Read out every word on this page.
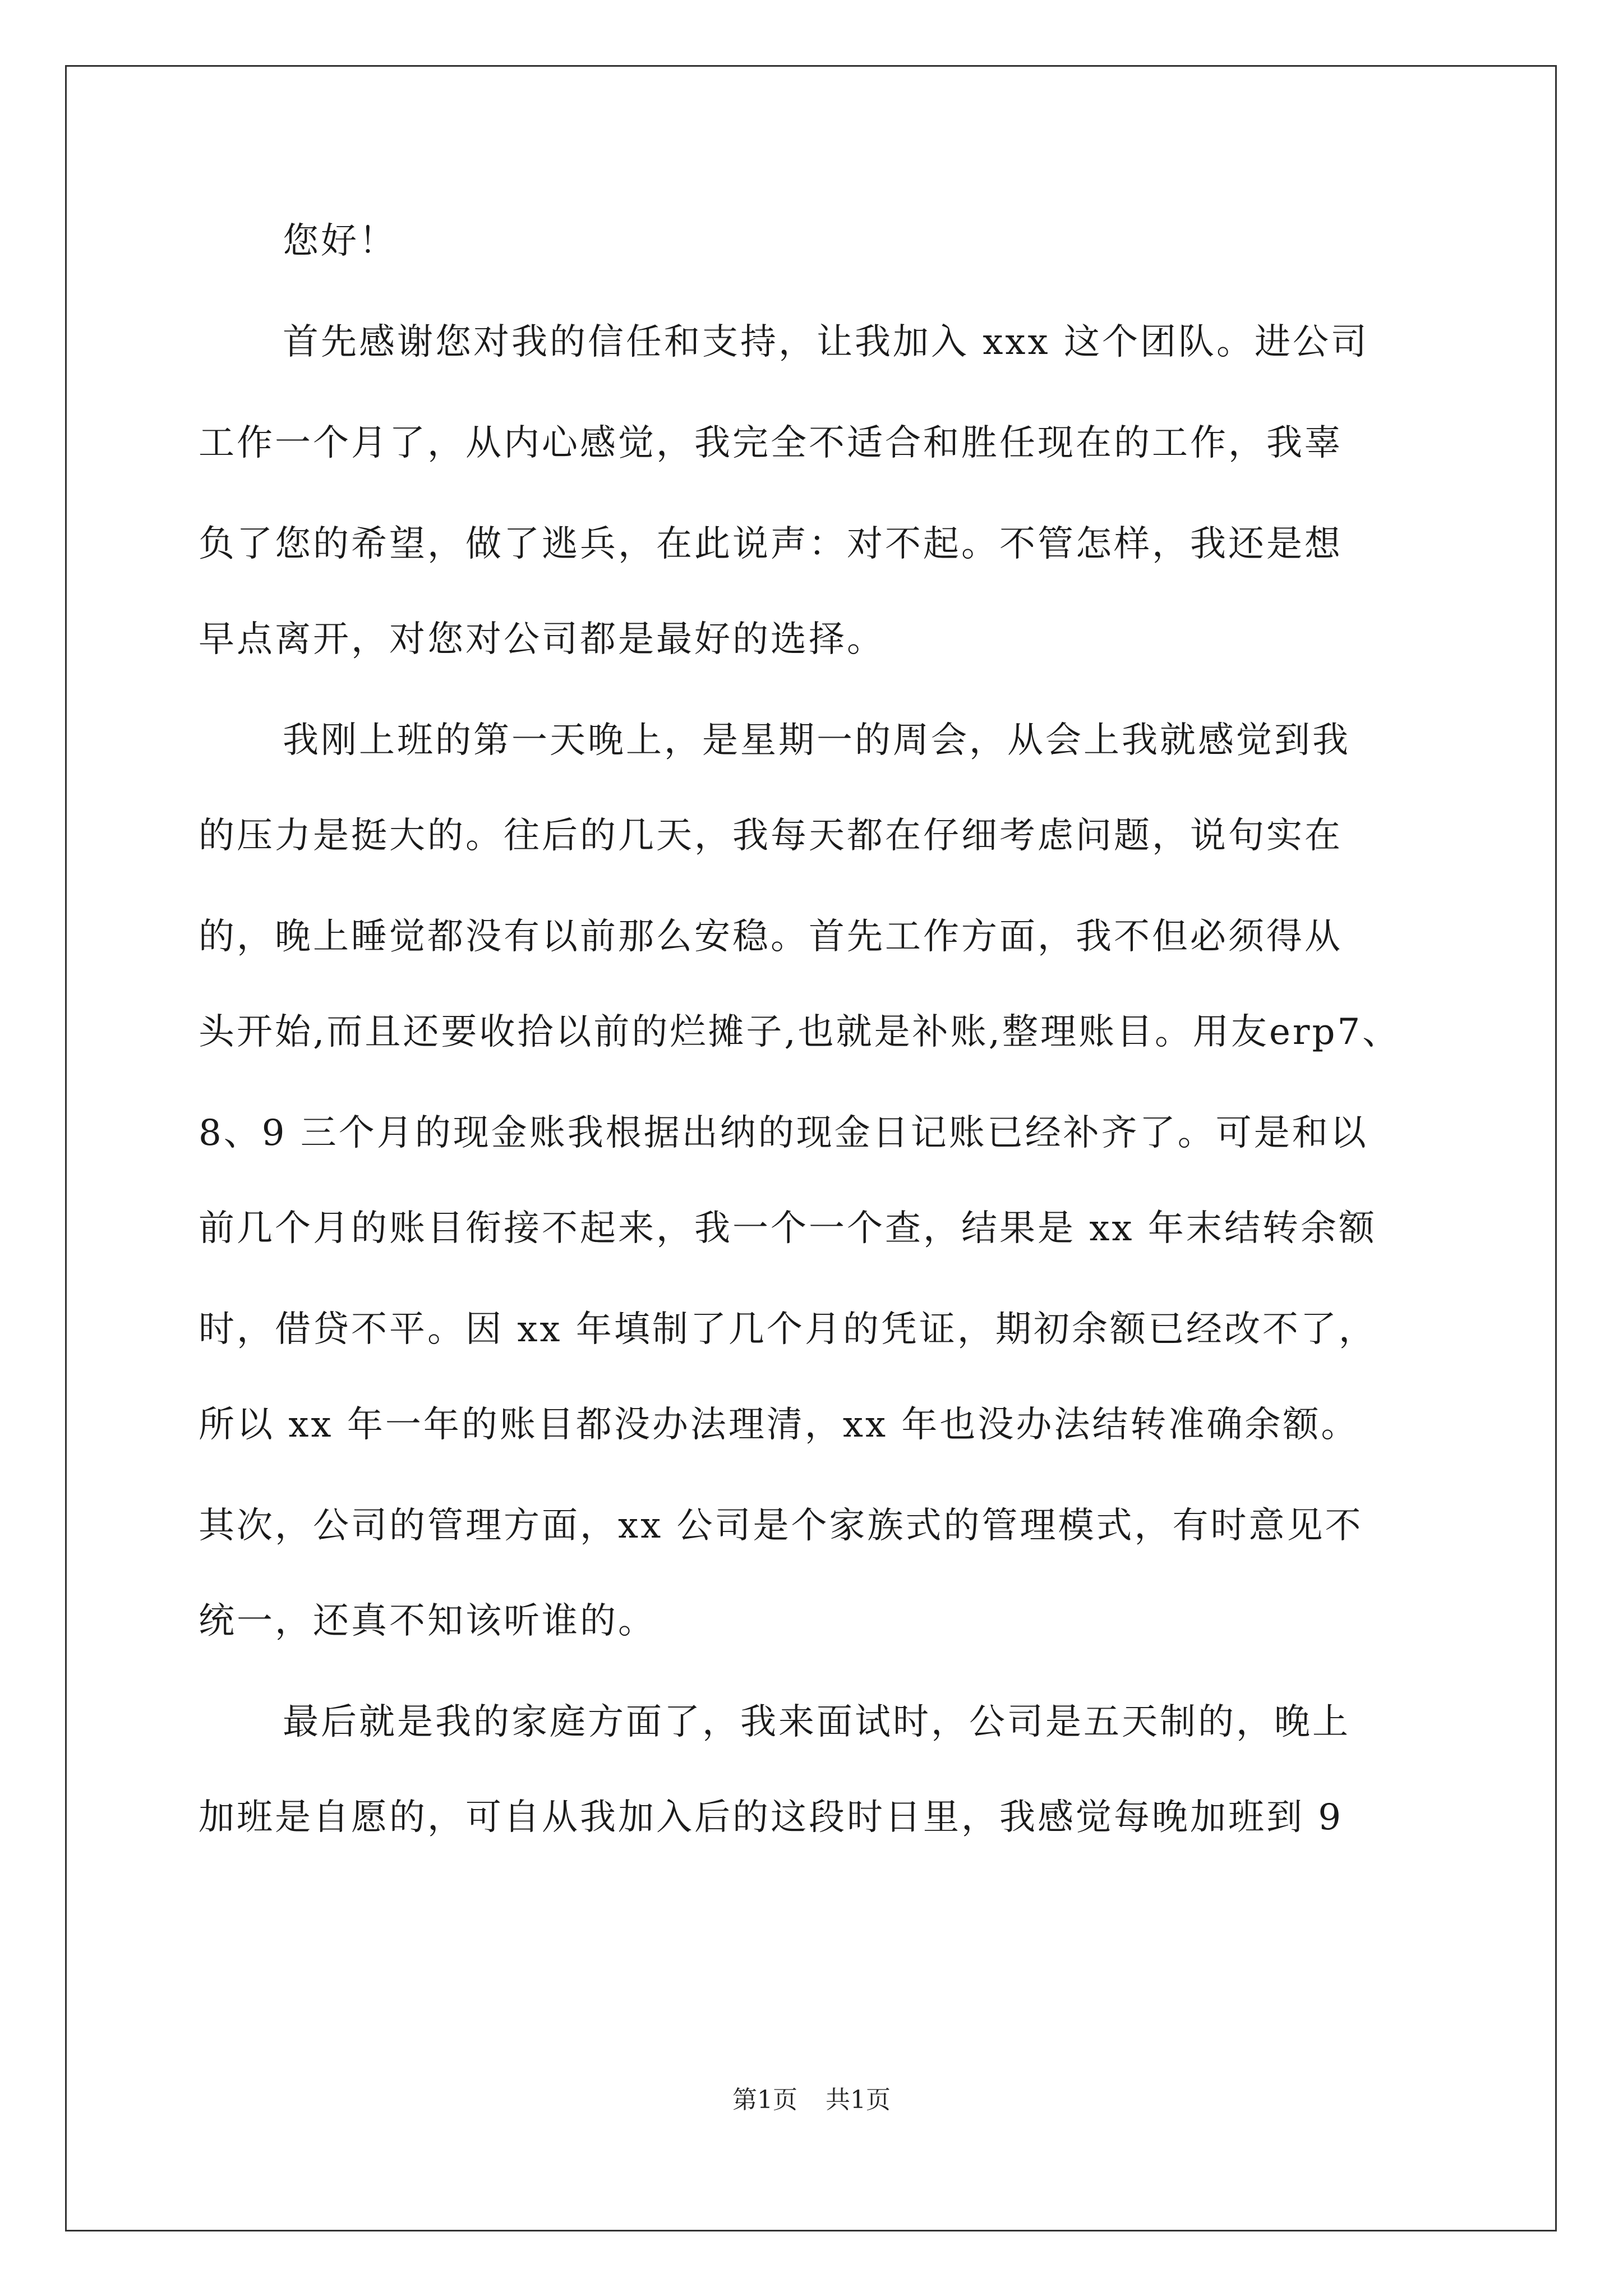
您好！
首先感谢您对我的信任和支持，让我加入 xxx 这个团队。进公司
工作一个月了，从内心感觉，我完全不适合和胜任现在的工作，我辜
负了您的希望，做了逃兵，在此说声：对不起。不管怎样，我还是想
早点离开，对您对公司都是最好的选择。
我刚上班的第一天晚上，是星期一的周会，从会上我就感觉到我
的压力是挺大的。往后的几天，我每天都在仔细考虑问题，说句实在
的，晚上睡觉都没有以前那么安稳。首先工作方面，我不但必须得从
头开始,而且还要收拾以前的烂摊子,也就是补账,整理账目。用友erp7、
8、9 三个月的现金账我根据出纳的现金日记账已经补齐了。可是和以
前几个月的账目衔接不起来，我一个一个查，结果是 xx 年末结转余额
时，借贷不平。因 xx 年填制了几个月的凭证，期初余额已经改不了，
所以 xx 年一年的账目都没办法理清，xx 年也没办法结转准确余额。
其次，公司的管理方面，xx 公司是个家族式的管理模式，有时意见不
统一，还真不知该听谁的。
最后就是我的家庭方面了，我来面试时，公司是五天制的，晚上
加班是自愿的，可自从我加入后的这段时日里，我感觉每晚加班到 9
第1页 共1页
